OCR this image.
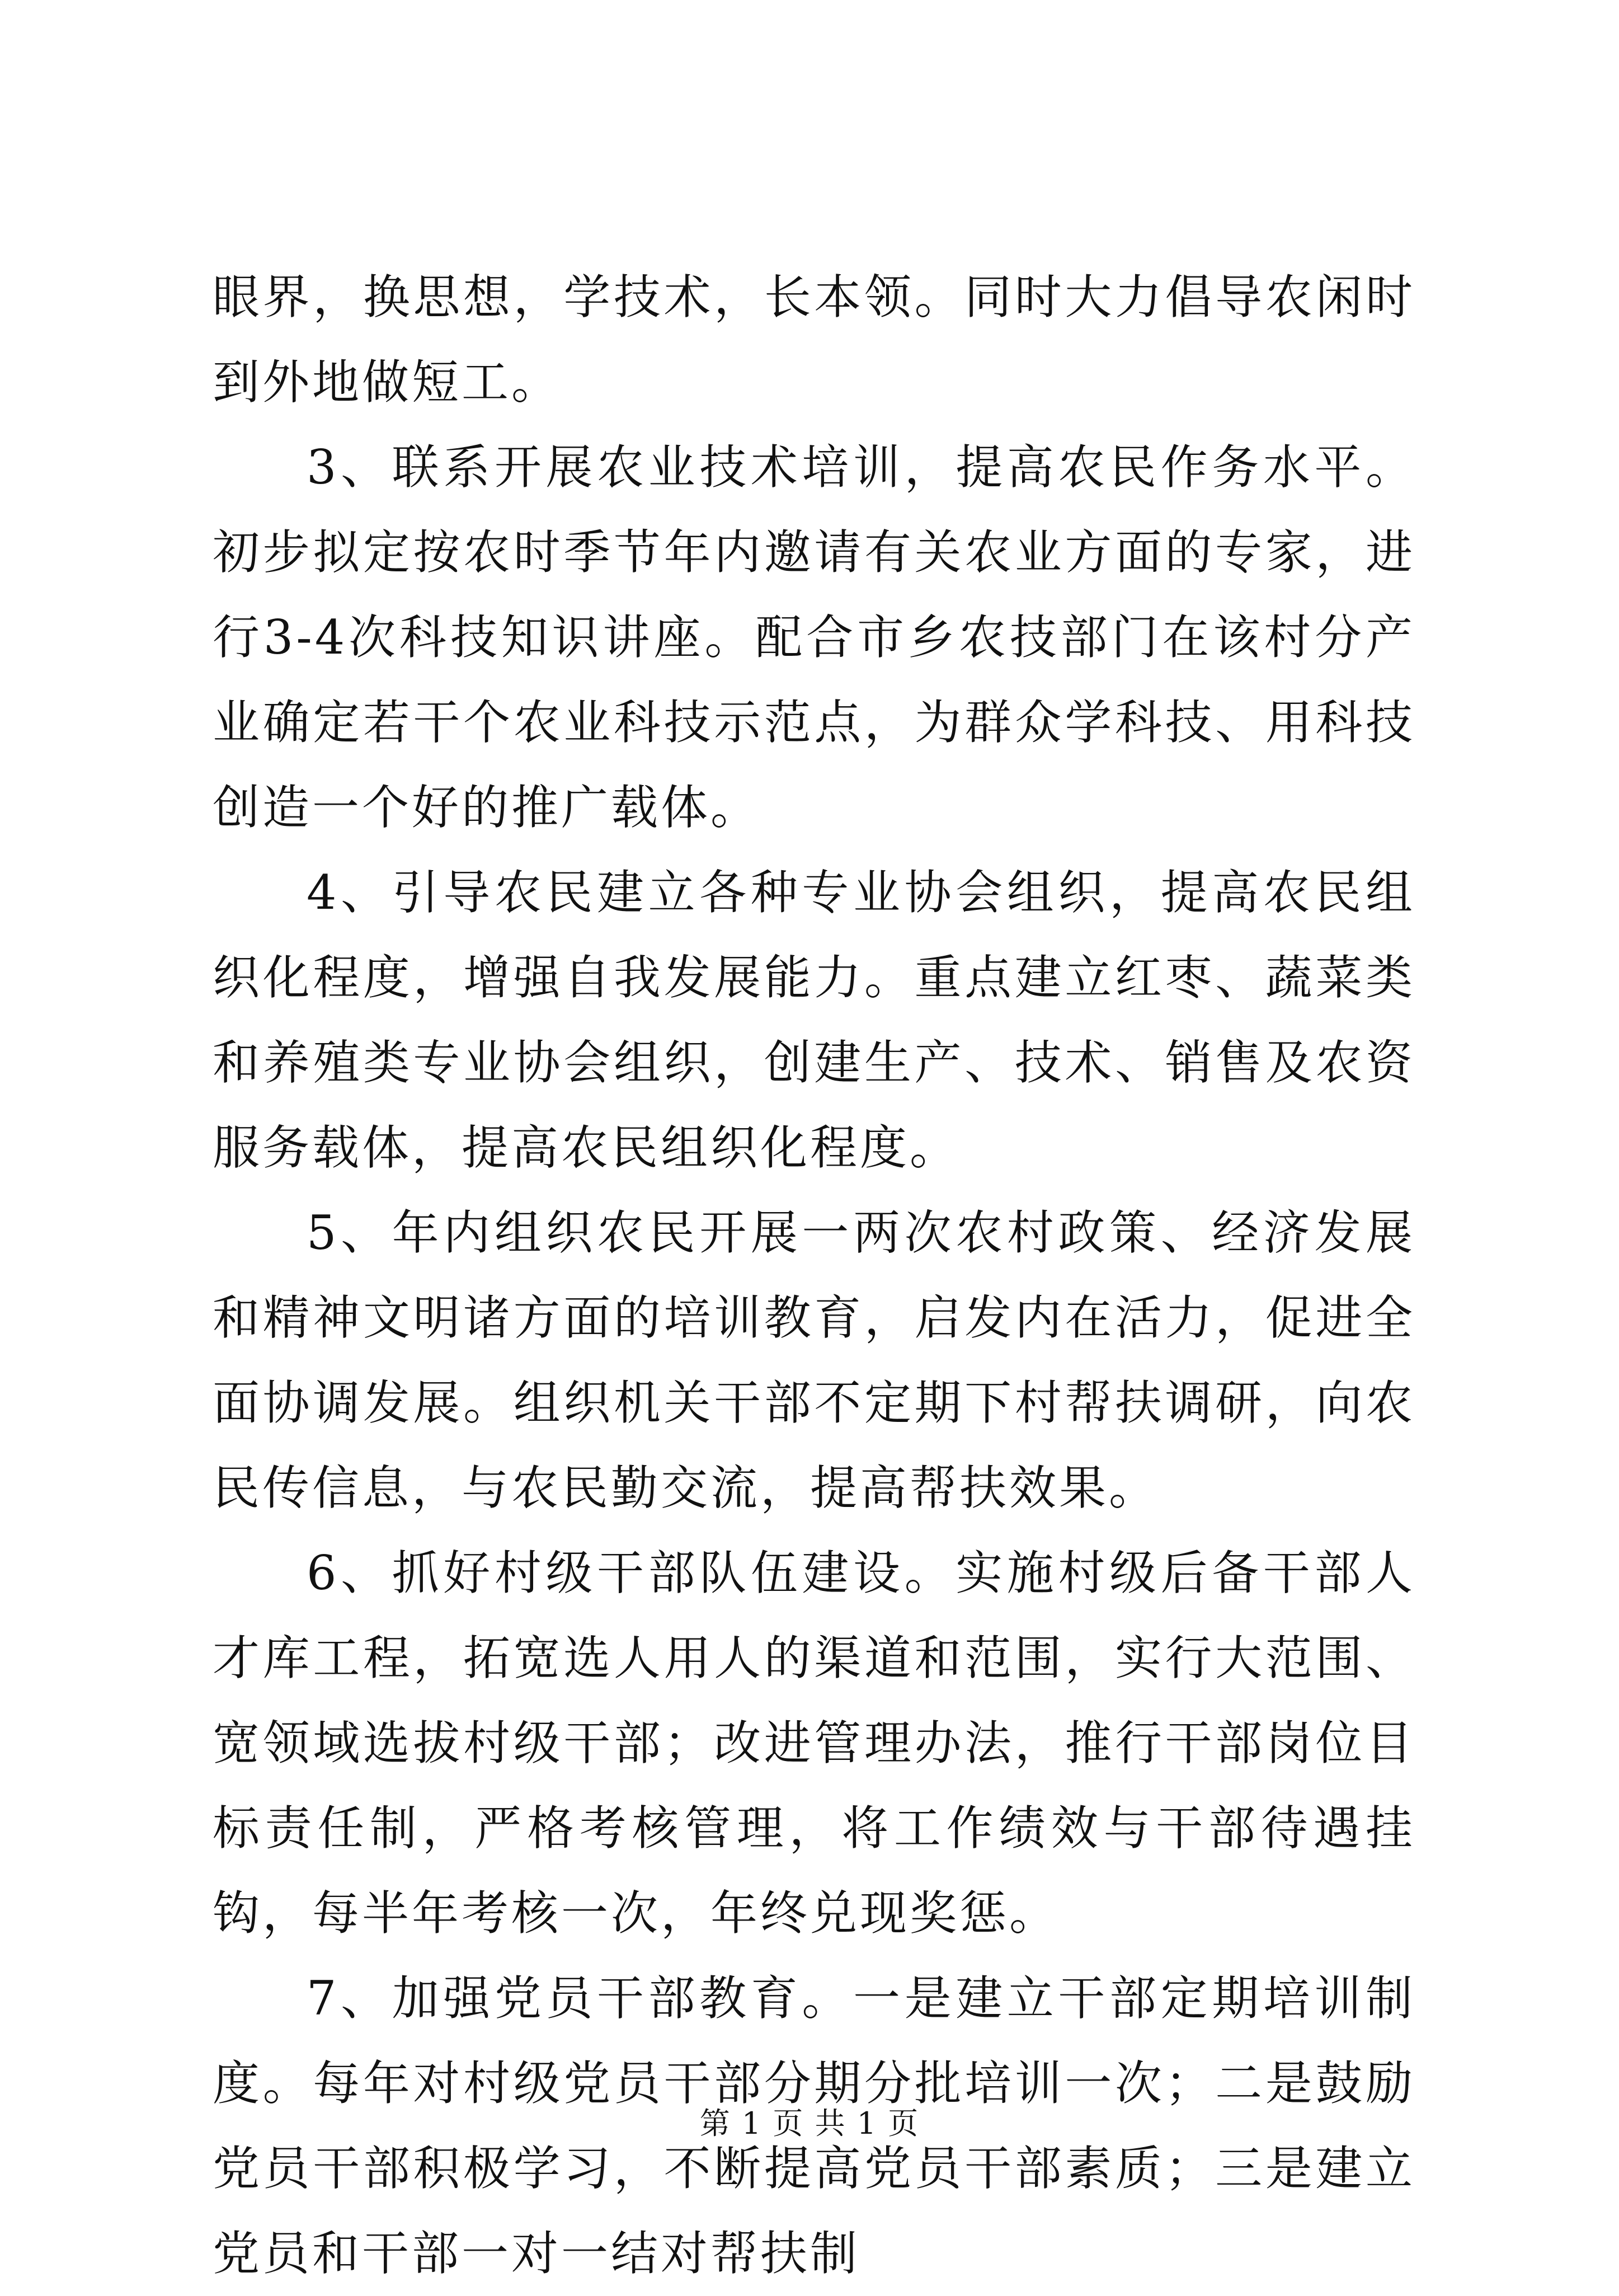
眼界，换思想，学技术，长本领。同时大力倡导农闲时到外地做短工。

3、联系开展农业技术培训，提高农民作务水平。初步拟定按农时季节年内邀请有关农业方面的专家，进行3-4次科技知识讲座。配合市乡农技部门在该村分产业确定若干个农业科技示范点，为群众学科技、用科技创造一个好的推广载体。

4、引导农民建立各种专业协会组织，提高农民组织化程度，增强自我发展能力。重点建立红枣、蔬菜类和养殖类专业协会组织，创建生产、技术、销售及农资服务载体，提高农民组织化程度。

5、年内组织农民开展一两次农村政策、经济发展和精神文明诸方面的培训教育，启发内在活力，促进全面协调发展。组织机关干部不定期下村帮扶调研，向农民传信息，与农民勤交流，提高帮扶效果。

6、抓好村级干部队伍建设。实施村级后备干部人才库工程，拓宽选人用人的渠道和范围，实行大范围、宽领域选拔村级干部；改进管理办法，推行干部岗位目标责任制，严格考核管理，将工作绩效与干部待遇挂钩，每半年考核一次，年终兑现奖惩。

7、加强党员干部教育。一是建立干部定期培训制度。每年对村级党员干部分期分批培训一次；二是鼓励党员干部积极学习，不断提高党员干部素质；三是建立党员和干部一对一结对帮扶制

第 1 页 共 1 页
